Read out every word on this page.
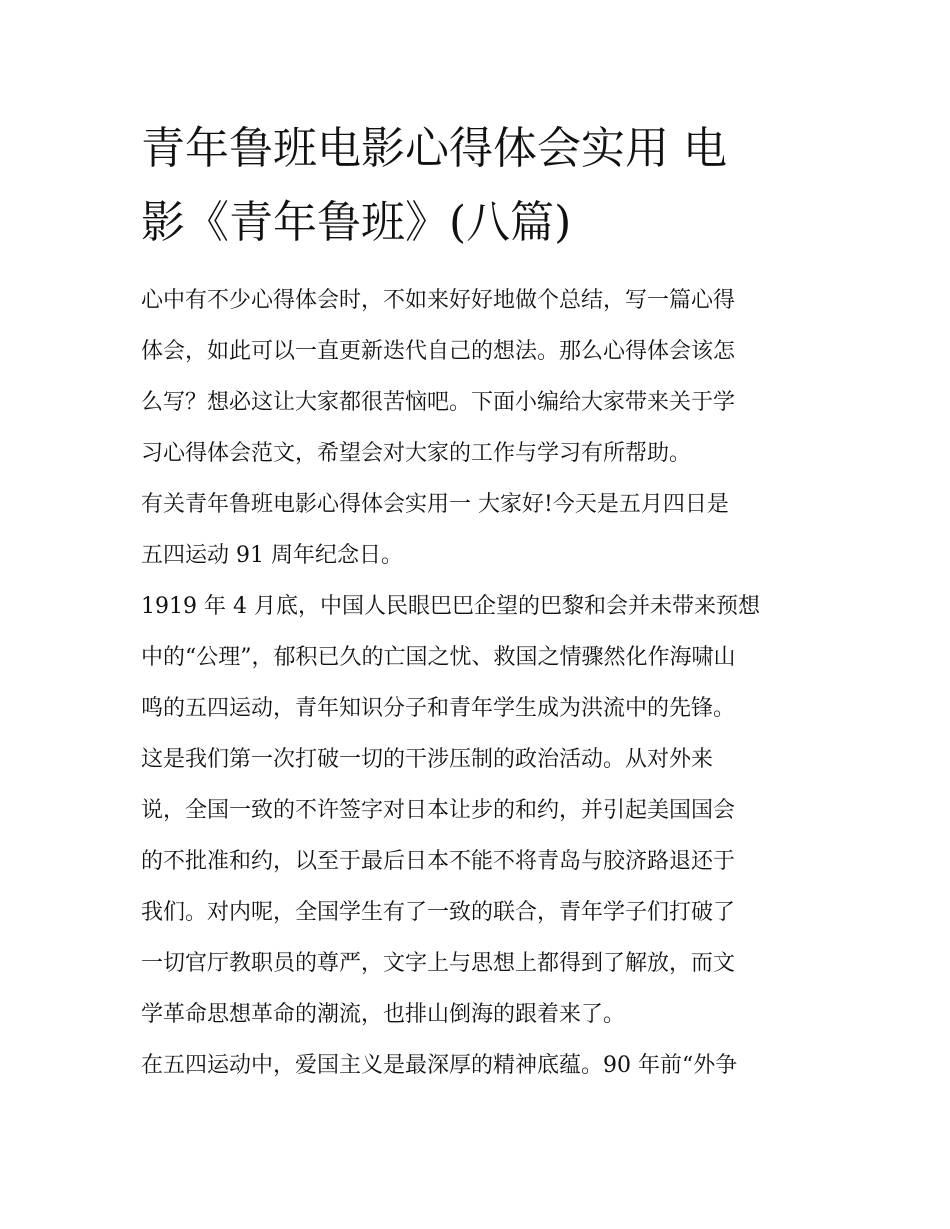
青年鲁班电影心得体会实用 电
影《青年鲁班》(八篇)

心中有不少心得体会时，不如来好好地做个总结，写一篇心得
体会，如此可以一直更新迭代自己的想法。那么心得体会该怎
么写？想必这让大家都很苦恼吧。下面小编给大家带来关于学
习心得体会范文，希望会对大家的工作与学习有所帮助。

有关青年鲁班电影心得体会实用一 大家好!今天是五月四日是
五四运动 91 周年纪念日。

1919 年 4 月底，中国人民眼巴巴企望的巴黎和会并未带来预想
中的“公理”，郁积已久的亡国之忧、救国之情骤然化作海啸山
鸣的五四运动，青年知识分子和青年学生成为洪流中的先锋。
这是我们第一次打破一切的干涉压制的政治活动。从对外来
说，全国一致的不许签字对日本让步的和约，并引起美国国会
的不批准和约，以至于最后日本不能不将青岛与胶济路退还于
我们。对内呢，全国学生有了一致的联合，青年学子们打破了
一切官厅教职员的尊严，文字上与思想上都得到了解放，而文
学革命思想革命的潮流，也排山倒海的跟着来了。

在五四运动中，爱国主义是最深厚的精神底蕴。90 年前“外争
